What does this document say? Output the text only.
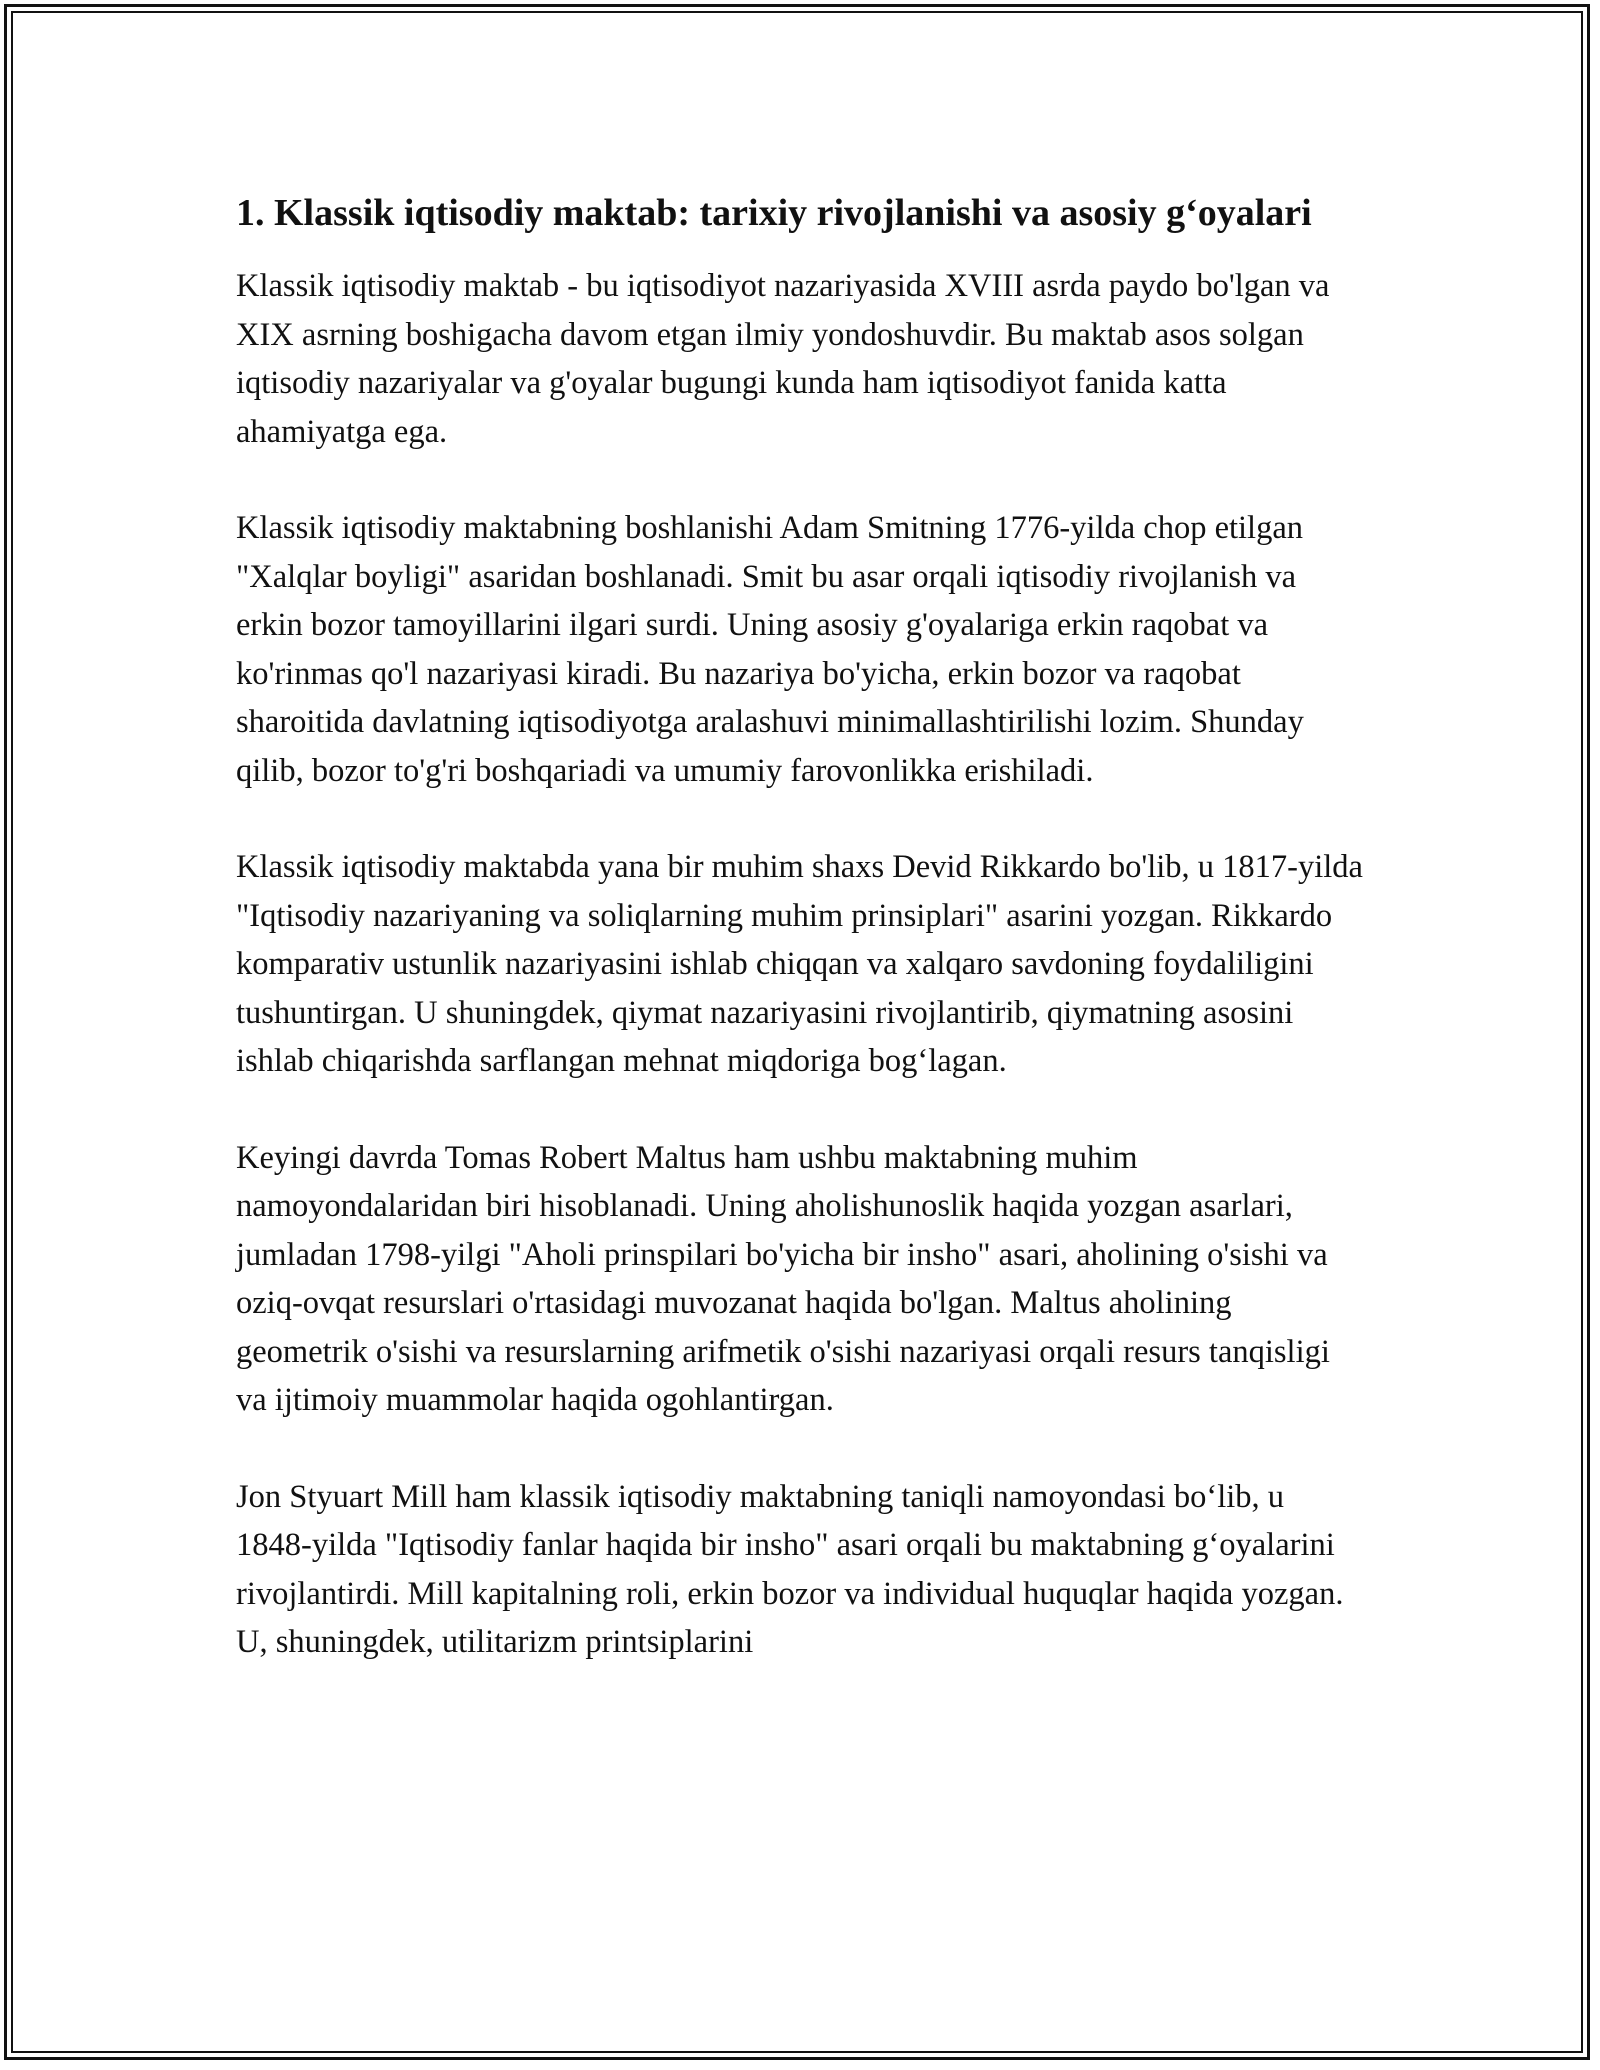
1. Klassik iqtisodiy maktab: tarixiy rivojlanishi va asosiy g‘oyalari

Klassik iqtisodiy maktab - bu iqtisodiyot nazariyasida XVIII asrda paydo bo'lgan va XIX asrning boshigacha davom etgan ilmiy yondoshuvdir. Bu maktab asos solgan iqtisodiy nazariyalar va g'oyalar bugungi kunda ham iqtisodiyot fanida katta ahamiyatga ega.

Klassik iqtisodiy maktabning boshlanishi Adam Smitning 1776-yilda chop etilgan "Xalqlar boyligi" asaridan boshlanadi. Smit bu asar orqali iqtisodiy rivojlanish va erkin bozor tamoyillarini ilgari surdi. Uning asosiy g'oyalariga erkin raqobat va ko'rinmas qo'l nazariyasi kiradi. Bu nazariya bo'yicha, erkin bozor va raqobat sharoitida davlatning iqtisodiyotga aralashuvi minimallashtirilishi lozim. Shunday qilib, bozor to'g'ri boshqariadi va umumiy farovonlikka erishiladi.

Klassik iqtisodiy maktabda yana bir muhim shaxs Devid Rikkardo bo'lib, u 1817-yilda "Iqtisodiy nazariyaning va soliqlarning muhim prinsiplari" asarini yozgan. Rikkardo komparativ ustunlik nazariyasini ishlab chiqqan va xalqaro savdoning foydaliligini tushuntirgan. U shuningdek, qiymat nazariyasini rivojlantirib, qiymatning asosini ishlab chiqarishda sarflangan mehnat miqdoriga bog‘lagan.

Keyingi davrda Tomas Robert Maltus ham ushbu maktabning muhim namoyondalaridan biri hisoblanadi. Uning aholishunoslik haqida yozgan asarlari, jumladan 1798-yilgi "Aholi prinspilari bo'yicha bir insho" asari, aholining o'sishi va oziq-ovqat resurslari o'rtasidagi muvozanat haqida bo'lgan. Maltus aholining geometrik o'sishi va resurslarning arifmetik o'sishi nazariyasi orqali resurs tanqisligi va ijtimoiy muammolar haqida ogohlantirgan.

Jon Styuart Mill ham klassik iqtisodiy maktabning taniqli namoyondasi bo‘lib, u 1848-yilda "Iqtisodiy fanlar haqida bir insho" asari orqali bu maktabning g‘oyalarini rivojlantirdi. Mill kapitalning roli, erkin bozor va individual huquqlar haqida yozgan. U, shuningdek, utilitarizm printsiplarini
